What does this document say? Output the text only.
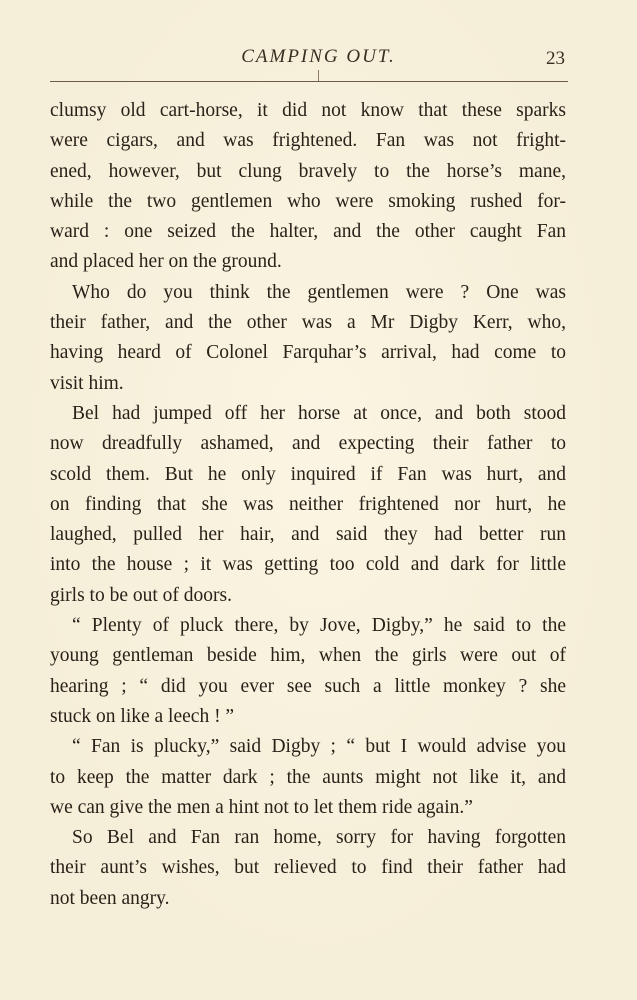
CAMPING OUT.	23
clumsy old cart-horse, it did not know that these sparks
were cigars, and was frightened. Fan was not fright-
ened, however, but clung bravely to the horse’s mane,
while the two gentlemen who were smoking rushed for-
ward : one seized the halter, and the other caught Fan
and placed her on the ground.
Who do you think the gentlemen were ? One was
their father, and the other was a Mr Digby Kerr, who,
having heard of Colonel Farquhar’s arrival, had come to
visit him.
Bel had jumped off her horse at once, and both stood
now dreadfully ashamed, and expecting their father to
scold them. But he only inquired if Fan was hurt, and
on finding that she was neither frightened nor hurt, he
laughed, pulled her hair, and said they had better run
into the house ; it was getting too cold and dark for little
girls to be out of doors.
“ Plenty of pluck there, by Jove, Digby,” he said to the
young gentleman beside him, when the girls were out of
hearing ; “ did you ever see such a little monkey ? she
stuck on like a leech ! ”
“ Fan is plucky,” said Digby ; “ but I would advise you
to keep the matter dark ; the aunts might not like it, and
we can give the men a hint not to let them ride again.”
So Bel and Fan ran home, sorry for having forgotten
their aunt’s wishes, but relieved to find their father had
not been angry.
